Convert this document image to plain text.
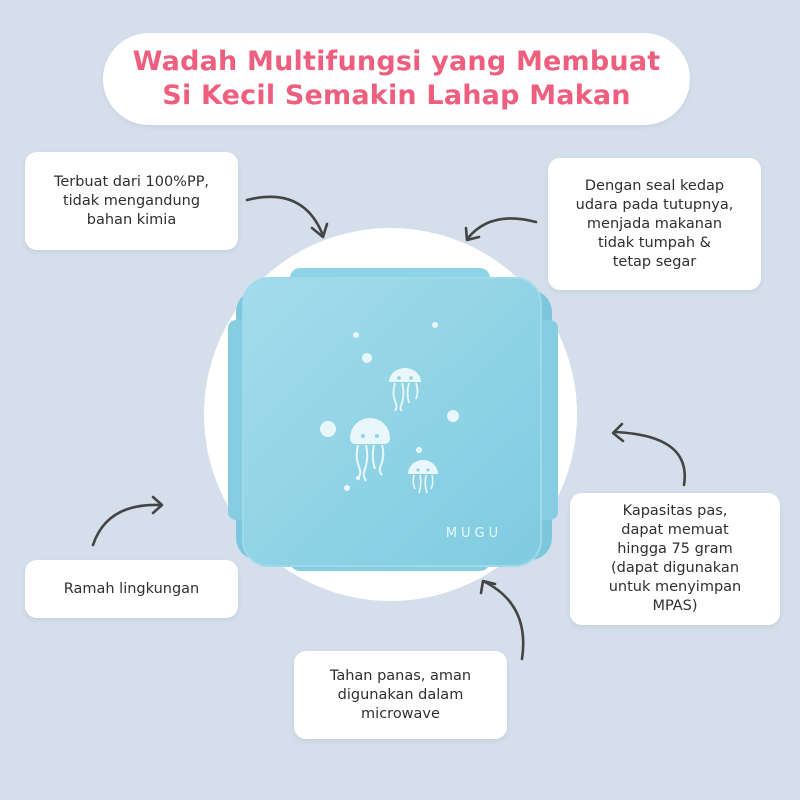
Wadah Multifungsi yang Membuat
Si Kecil Semakin Lahap Makan
Terbuat dari 100%PP,
tidak mengandung
bahan kimia
Dengan seal kedap
udara pada tutupnya,
menjada makanan
tidak tumpah &
tetap segar
Ramah lingkungan
Kapasitas pas,
dapat memuat
hingga 75 gram
(dapat digunakan
untuk menyimpan
MPAS)
Tahan panas, aman
digunakan dalam
microwave
MUGU
